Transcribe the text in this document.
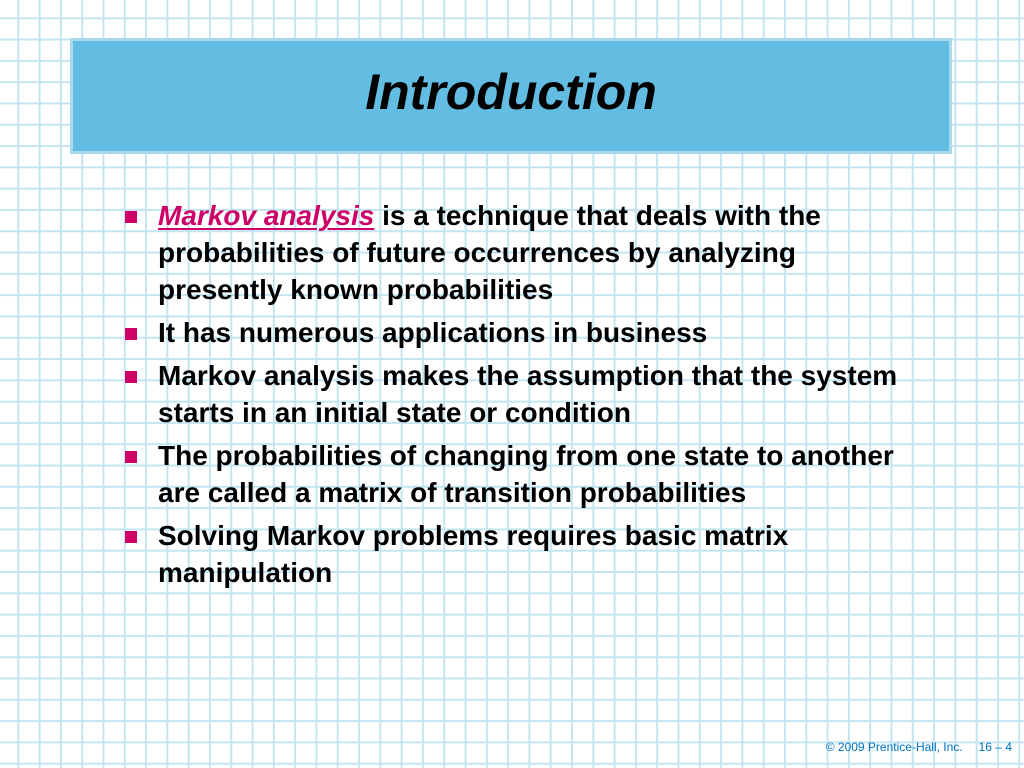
Introduction
Markov analysis is a technique that deals with the probabilities of future occurrences by analyzing presently known probabilities
It has numerous applications in business
Markov analysis makes the assumption that the system starts in an initial state or condition
The probabilities of changing from one state to another are called a matrix of transition probabilities
Solving Markov problems requires basic matrix manipulation
© 2009 Prentice-Hall, Inc. 16 – 4
